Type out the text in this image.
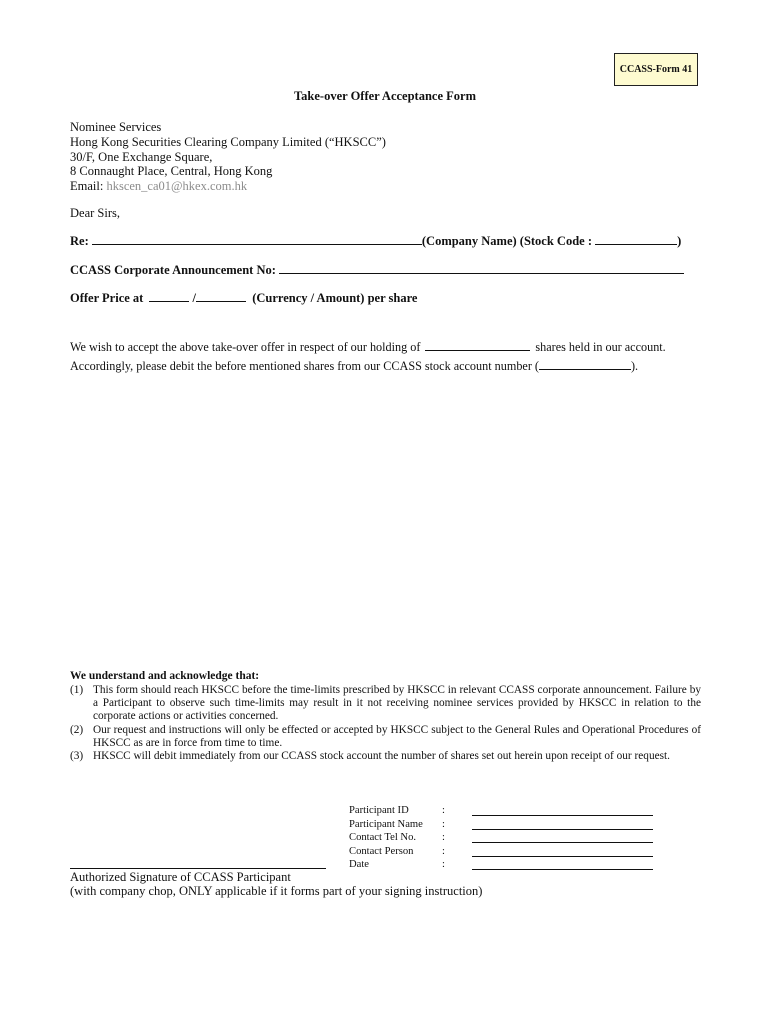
CCASS-Form 41
Take-over Offer Acceptance Form
Nominee Services
Hong Kong Securities Clearing Company Limited (“HKSCC”)
30/F, One Exchange Square,
8 Connaught Place, Central, Hong Kong
Email: hkscen_ca01@hkex.com.hk
Dear Sirs,
Re:	(Company Name) (Stock Code :	)
CCASS Corporate Announcement No:
Offer Price at	/	(Currency / Amount) per share
We wish to accept the above take-over offer in respect of our holding of	shares held in our account.
Accordingly, please debit the before mentioned shares from our CCASS stock account number (	).
We understand and acknowledge that:
(1) This form should reach HKSCC before the time-limits prescribed by HKSCC in relevant CCASS corporate announcement. Failure by a Participant to observe such time-limits may result in it not receiving nominee services provided by HKSCC in relation to the corporate actions or activities concerned.
(2) Our request and instructions will only be effected or accepted by HKSCC subject to the General Rules and Operational Procedures of HKSCC as are in force from time to time.
(3) HKSCC will debit immediately from our CCASS stock account the number of shares set out herein upon receipt of our request.
Participant ID	:
Participant Name	:
Contact Tel No.	:
Contact Person	:
Date	:
Authorized Signature of CCASS Participant
(with company chop, ONLY applicable if it forms part of your signing instruction)
